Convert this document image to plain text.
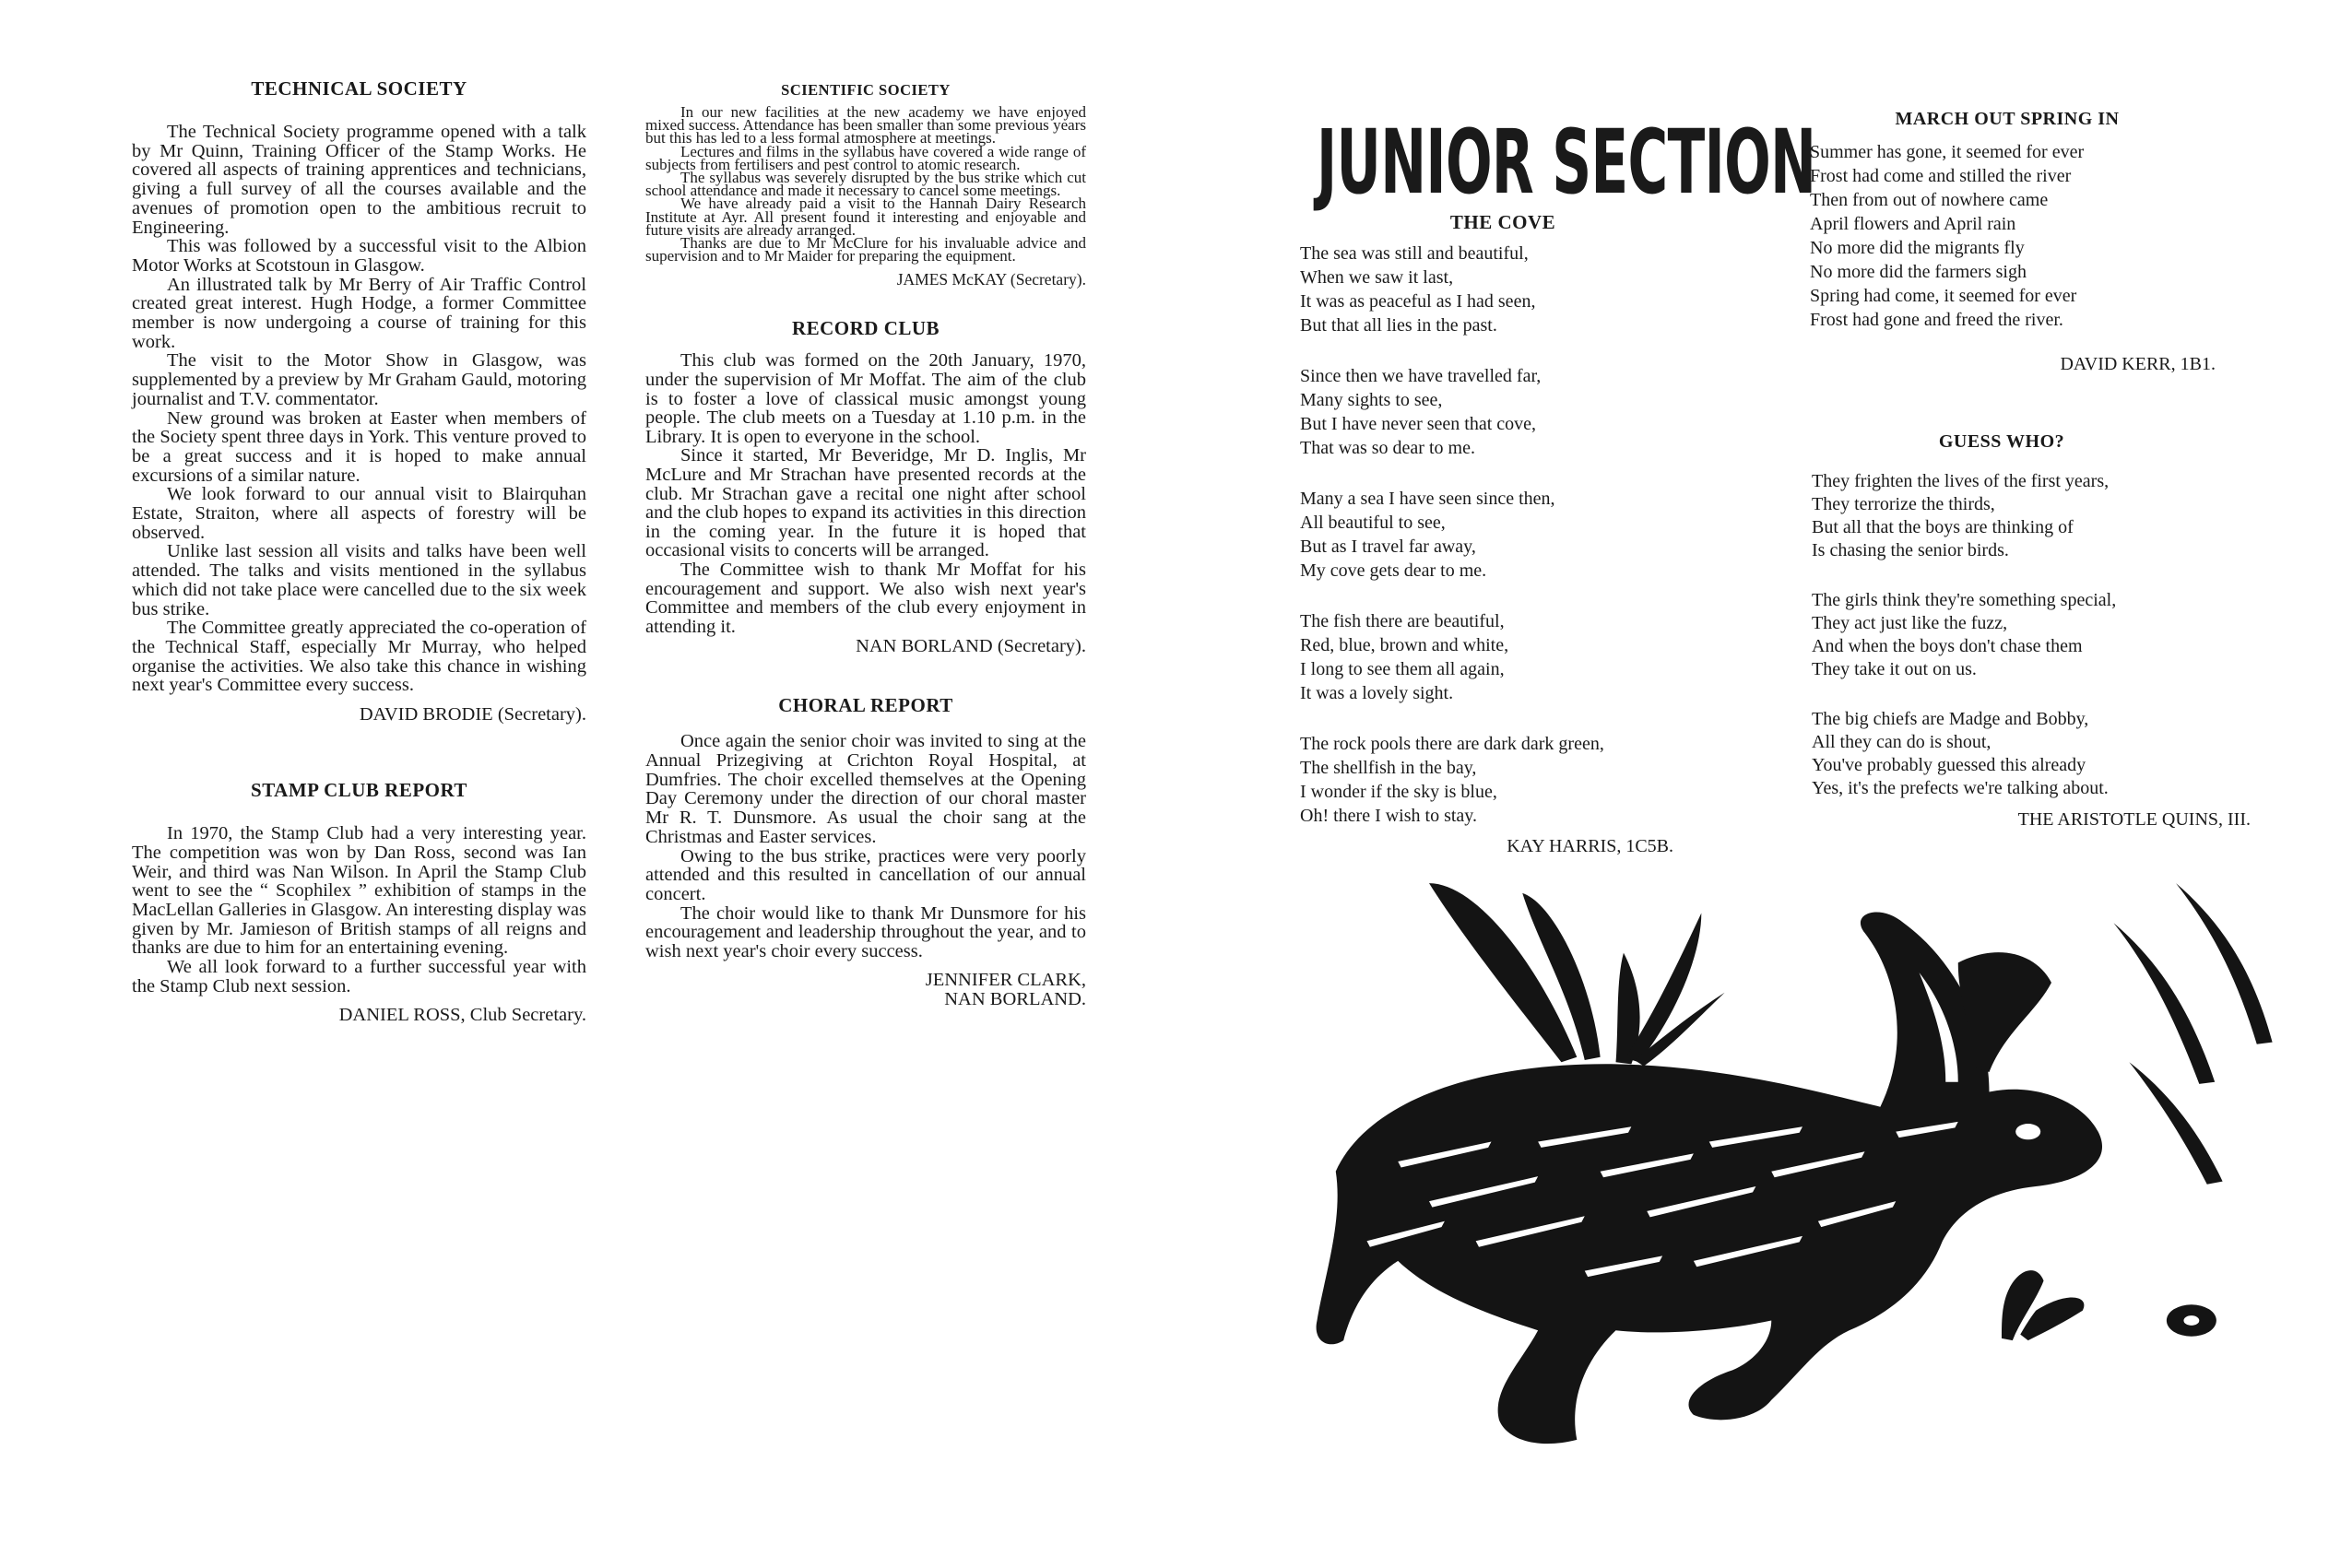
TECHNICAL SOCIETY

The Technical Society programme opened with a talk by Mr Quinn, Training Officer of the Stamp Works. He covered all aspects of training apprentices and technicians, giving a full survey of all the courses available and the avenues of promotion open to the ambitious recruit to Engineering.

This was followed by a successful visit to the Albion Motor Works at Scotstoun in Glasgow.

An illustrated talk by Mr Berry of Air Traffic Control created great interest. Hugh Hodge, a former Committee member is now undergoing a course of training for this work.

The visit to the Motor Show in Glasgow, was supplemented by a preview by Mr Graham Gauld, motoring journalist and T.V. commentator.

New ground was broken at Easter when members of the Society spent three days in York. This venture proved to be a great success and it is hoped to make annual excursions of a similar nature.

We look forward to our annual visit to Blairquhan Estate, Straiton, where all aspects of forestry will be observed.

Unlike last session all visits and talks have been well attended. The talks and visits mentioned in the syllabus which did not take place were cancelled due to the six week bus strike.

The Committee greatly appreciated the co-operation of the Technical Staff, especially Mr Murray, who helped organise the activities. We also take this chance in wishing next year's Committee every success.

DAVID BRODIE (Secretary).
STAMP CLUB REPORT

In 1970, the Stamp Club had a very interesting year. The competition was won by Dan Ross, second was Ian Weir, and third was Nan Wilson. In April the Stamp Club went to see the “ Scophilex ” exhibition of stamps in the MacLellan Galleries in Glasgow. An interesting display was given by Mr. Jamieson of British stamps of all reigns and thanks are due to him for an entertaining evening.

We all look forward to a further successful year with the Stamp Club next session.

DANIEL ROSS, Club Secretary.
SCIENTIFIC SOCIETY

In our new facilities at the new academy we have enjoyed mixed success. Attendance has been smaller than some previous years but this has led to a less formal atmosphere at meetings.

Lectures and films in the syllabus have covered a wide range of subjects from fertilisers and pest control to atomic research.

The syllabus was severely disrupted by the bus strike which cut school attendance and made it necessary to cancel some meetings.

We have already paid a visit to the Hannah Dairy Research Institute at Ayr. All present found it interesting and enjoyable and future visits are already arranged.

Thanks are due to Mr McClure for his invaluable advice and supervision and to Mr Maider for preparing the equipment.

JAMES McKAY (Secretary).
RECORD CLUB

This club was formed on the 20th January, 1970, under the supervision of Mr Moffat. The aim of the club is to foster a love of classical music amongst young people. The club meets on a Tuesday at 1.10 p.m. in the Library. It is open to everyone in the school.

Since it started, Mr Beveridge, Mr D. Inglis, Mr McLure and Mr Strachan have presented records at the club. Mr Strachan gave a recital one night after school and the club hopes to expand its activities in this direction in the coming year. In the future it is hoped that occasional visits to concerts will be arranged.

The Committee wish to thank Mr Moffat for his encouragement and support. We also wish next year's Committee and members of the club every enjoyment in attending it.

NAN BORLAND (Secretary).
CHORAL REPORT

Once again the senior choir was invited to sing at the Annual Prizegiving at Crichton Royal Hospital, at Dumfries. The choir excelled themselves at the Opening Day Ceremony under the direction of our choral master Mr R. T. Dunsmore. As usual the choir sang at the Christmas and Easter services.

Owing to the bus strike, practices were very poorly attended and this resulted in cancellation of our annual concert.

The choir would like to thank Mr Dunsmore for his encouragement and leadership throughout the year, and to wish next year's choir every success.

JENNIFER CLARK,
NAN BORLAND.
JUNIOR SECTION
THE COVE
The sea was still and beautiful,
When we saw it last,
It was as peaceful as I had seen,
But that all lies in the past.
Since then we have travelled far,
Many sights to see,
But I have never seen that cove,
That was so dear to me.
Many a sea I have seen since then,
All beautiful to see,
But as I travel far away,
My cove gets dear to me.
The fish there are beautiful,
Red, blue, brown and white,
I long to see them all again,
It was a lovely sight.
The rock pools there are dark dark green,
The shellfish in the bay,
I wonder if the sky is blue,
Oh! there I wish to stay.
KAY HARRIS, 1C5B.
MARCH OUT SPRING IN
Summer has gone, it seemed for ever
Frost had come and stilled the river
Then from out of nowhere came
April flowers and April rain
No more did the migrants fly
No more did the farmers sigh
Spring had come, it seemed for ever
Frost had gone and freed the river.
DAVID KERR, 1B1.
GUESS WHO?
They frighten the lives of the first years,
They terrorize the thirds,
But all that the boys are thinking of
Is chasing the senior birds.
The girls think they're something special,
They act just like the fuzz,
And when the boys don't chase them
They take it out on us.
The big chiefs are Madge and Bobby,
All they can do is shout,
You've probably guessed this already
Yes, it's the prefects we're talking about.
THE ARISTOTLE QUINS, III.
